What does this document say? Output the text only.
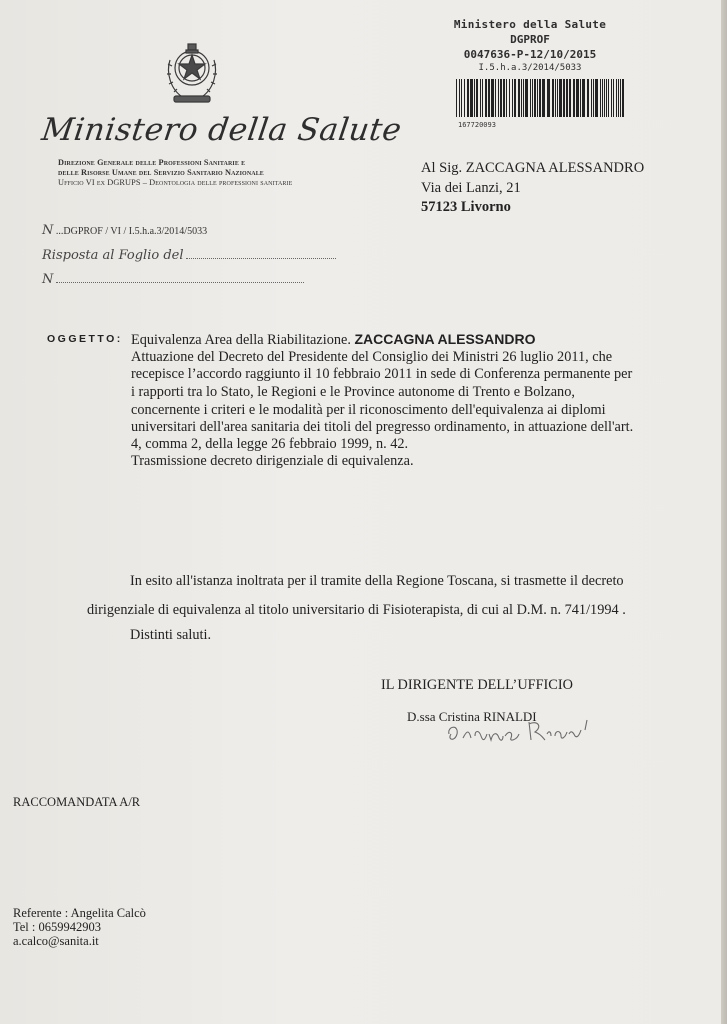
Ministero della Salute
DGPROF
0047636-P-12/10/2015
I.5.h.a.3/2014/5033
167720093
Ministero della Salute
Direzione Generale delle Professioni Sanitarie e
delle Risorse Umane del Servizio Sanitario Nazionale
Ufficio VI ex DGRUPS – Deontologia delle professioni sanitarie
Al Sig. ZACCAGNA ALESSANDRO
Via dei Lanzi, 21
57123 Livorno
N ...DGPROF / VI / I.5.h.a.3/2014/5033
Risposta al Foglio del
N
OGGETTO: Equivalenza Area della Riabilitazione. ZACCAGNA ALESSANDRO
Attuazione del Decreto del Presidente del Consiglio dei Ministri 26 luglio 2011, che
recepisce l’accordo raggiunto il 10 febbraio 2011 in sede di Conferenza permanente per
i rapporti tra lo Stato, le Regioni e le Province autonome di Trento e Bolzano,
concernente i criteri e le modalità per il riconoscimento dell'equivalenza ai diplomi
universitari dell'area sanitaria dei titoli del pregresso ordinamento, in attuazione dell'art.
4, comma 2, della legge 26 febbraio 1999, n. 42.
Trasmissione decreto dirigenziale di equivalenza.
In esito all'istanza inoltrata per il tramite della Regione Toscana, si trasmette il decreto
dirigenziale di equivalenza al titolo universitario di Fisioterapista, di cui al D.M. n. 741/1994 .
Distinti saluti.
IL DIRIGENTE DELL’UFFICIO
D.ssa Cristina RINALDI
RACCOMANDATA A/R
Referente : Angelita Calcò
Tel : 0659942903
a.calco@sanita.it
